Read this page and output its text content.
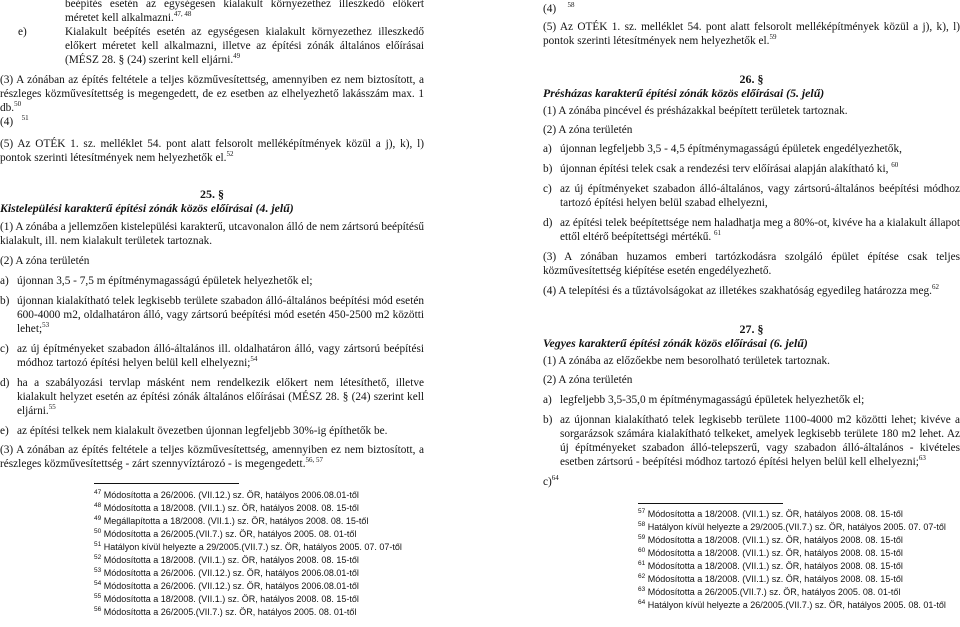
beépítés esetén az egységesen kialakult környezethez illeszkedő előkert méretet kell alkalmazni.$^{47, 48}$

e)	Kialakult beépítés esetén az egységesen kialakult környezethez illeszkedő előkert méretet kell alkalmazni, illetve az építési zónák általános előírásai (MÉSZ 28. § (24) szerint kell eljárni.$^{49}$

(3) A zónában az építés feltétele a teljes közművesítettség, amennyiben ez nem biztosított, a részleges közművesítettség is megengedett, de ez esetben az elhelyezhető lakásszám max. 1 db.$^{50}$

(4) $^{51}$

(5) Az OTÉK 1. sz. melléklet 54. pont alatt felsorolt melléképítmények közül a j), k), l) pontok szerinti létesítmények nem helyezhetők el.$^{52}$

25. §

Kistelepülési karakterű építési zónák közös előírásai (4. jelű)

(1) A zónába a jellemzően kistelepülési karakterű, utcavonalon álló de nem zártsorú beépítésű kialakult, ill. nem kialakult területek tartoznak.

(2) A zóna területén

a) újonnan 3,5 - 7,5 m építménymagasságú épületek helyezhetők el;

b) újonnan kialakítható telek legkisebb területe szabadon álló-általános beépítési mód esetén 600-4000 m2, oldalhatáron álló, vagy zártsorú beépítési mód esetén 450-2500 m2 közötti lehet;$^{53}$

c) az új építményeket szabadon álló-általános ill. oldalhatáron álló, vagy zártsorú beépítési módhoz tartozó építési helyen belül kell elhelyezni;$^{54}$

d) ha a szabályozási tervlap másként nem rendelkezik előkert nem létesíthető, illetve kialakult helyzet esetén az építési zónák általános előírásai (MÉSZ 28. § (24) szerint kell eljárni.$^{55}$

e) az építési telkek nem kialakult övezetben újonnan legfeljebb 30%-ig építhetők be.

(3) A zónában az építés feltétele a teljes közművesítettség, amennyiben ez nem biztosított, a részleges közművesítettség - zárt szennyvíztározó - is megengedett.$^{56, 57}$

$^{47}$ Módosította a 26/2006. (VII.12.) sz. ÖR, hatályos 2006.08.01-től
$^{48}$ Módosította a 18/2008. (VII.1.) sz. ÖR, hatályos 2008. 08. 15-től
$^{49}$ Megállapította a 18/2008. (VII.1.) sz. ÖR, hatályos 2008. 08. 15-től
$^{50}$ Módosította a 26/2005.(VII.7.) sz. ÖR, hatályos 2005. 08. 01-től
$^{51}$ Hatályon kívül helyezte a 29/2005.(VII.7.) sz. ÖR, hatályos 2005. 07. 07-től
$^{52}$ Módosította a 18/2008. (VII.1.) sz. ÖR, hatályos 2008. 08. 15-től
$^{53}$ Módosította a 26/2006. (VII.12.) sz. ÖR, hatályos 2006.08.01-től
$^{54}$ Módosította a 26/2006. (VII.12.) sz. ÖR, hatályos 2006.08.01-től
$^{55}$ Módosította a 18/2008. (VII.1.) sz. ÖR, hatályos 2008. 08. 15-től
$^{56}$ Módosította a 26/2005.(VII.7.) sz. ÖR, hatályos 2005. 08. 01-től

(4) $^{58}$

(5) Az OTÉK 1. sz. melléklet 54. pont alatt felsorolt melléképítmények közül a j), k), l) pontok szerinti létesítmények nem helyezhetők el.$^{59}$

26. §

Présházas karakterű építési zónák közös előírásai (5. jelű)

(1) A zónába pincével és présházakkal beépített területek tartoznak.

(2) A zóna területén

a) újonnan legfeljebb 3,5 - 4,5 építménymagasságú épületek engedélyezhetők,

b) újonnan építési telek csak a rendezési terv előírásai alapján alakítható ki, $^{60}$

c) az új építményeket szabadon álló-általános, vagy zártsorú-általános beépítési módhoz tartozó építési helyen belül szabad elhelyezni,

d) az építési telek beépítettsége nem haladhatja meg a 80%-ot, kivéve ha a kialakult állapot ettől eltérő beépítettségi mértékű. $^{61}$

(3) A zónában huzamos emberi tartózkodásra szolgáló épület építése csak teljes közművesítettség kiépítése esetén engedélyezhető.

(4) A telepítési és a tűztávolságokat az illetékes szakhatóság egyedileg határozza meg.$^{62}$

27. §

Vegyes karakterű építési zónák közös előírásai (6. jelű)

(1) A zónába az előzőekbe nem besorolható területek tartoznak.

(2) A zóna területén

a) legfeljebb 3,5-35,0 m építménymagasságú épületek helyezhetők el;

b) az újonnan kialakítható telek legkisebb területe 1100-4000 m2 közötti lehet; kivéve a sorgarázsok számára kialakítható telkeket, amelyek legkisebb területe 180 m2 lehet. Az új építményeket szabadon álló-telepszerű, vagy szabadon álló-általános - kivételes esetben zártsorú - beépítési módhoz tartozó építési helyen belül kell elhelyezni;$^{63}$

c)$^{64}$

$^{57}$ Módosította a 18/2008. (VII.1.) sz. ÖR, hatályos 2008. 08. 15-től
$^{58}$ Hatályon kívül helyezte a 29/2005.(VII.7.) sz. ÖR, hatályos 2005. 07. 07-től
$^{59}$ Módosította a 18/2008. (VII.1.) sz. ÖR, hatályos 2008. 08. 15-től
$^{60}$ Módosította a 18/2008. (VII.1.) sz. ÖR, hatályos 2008. 08. 15-től
$^{61}$ Módosította a 18/2008. (VII.1.) sz. ÖR, hatályos 2008. 08. 15-től
$^{62}$ Módosította a 18/2008. (VII.1.) sz. ÖR, hatályos 2008. 08. 15-től
$^{63}$ Módosította a 26/2005.(VII.7.) sz. ÖR, hatályos 2005. 08. 01-től
$^{64}$ Hatályon kívül helyezte a 26/2005.(VII.7.) sz. ÖR, hatályos 2005. 08. 01-től
